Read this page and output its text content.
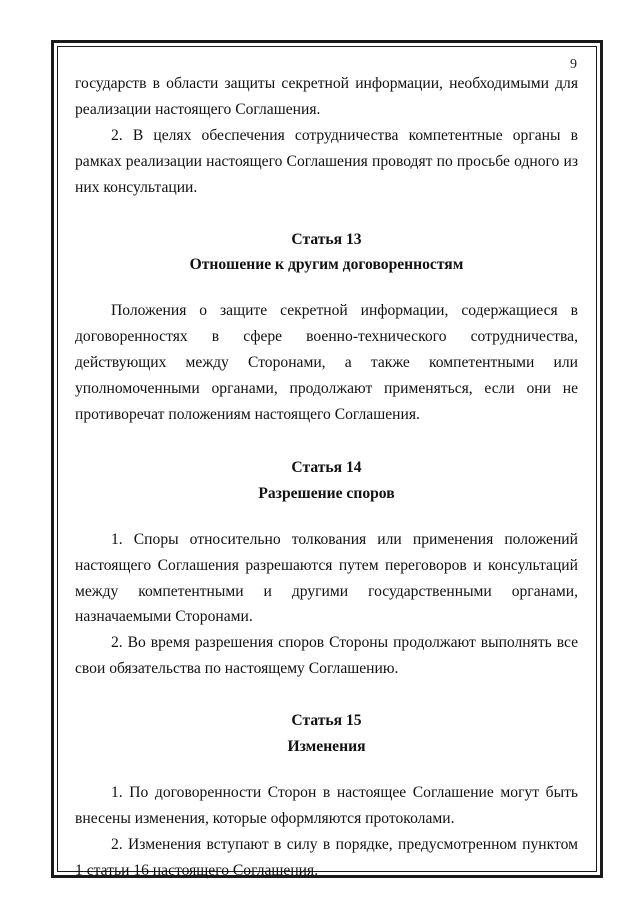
9

государств в области защиты секретной информации, необходимыми для реализации настоящего Соглашения.

2. В целях обеспечения сотрудничества компетентные органы в рамках реализации настоящего Соглашения проводят по просьбе одного из них консультации.

Статья 13

Отношение к другим договоренностям

Положения о защите секретной информации, содержащиеся в договоренностях в сфере военно-технического сотрудничества, действующих между Сторонами, а также компетентными или уполномоченными органами, продолжают применяться, если они не противоречат положениям настоящего Соглашения.

Статья 14

Разрешение споров

1. Споры относительно толкования или применения положений настоящего Соглашения разрешаются путем переговоров и консультаций между компетентными и другими государственными органами, назначаемыми Сторонами.

2. Во время разрешения споров Стороны продолжают выполнять все свои обязательства по настоящему Соглашению.

Статья 15

Изменения

1. По договоренности Сторон в настоящее Соглашение могут быть внесены изменения, которые оформляются протоколами.

2. Изменения вступают в силу в порядке, предусмотренном пунктом 1 статьи 16 настоящего Соглашения.
